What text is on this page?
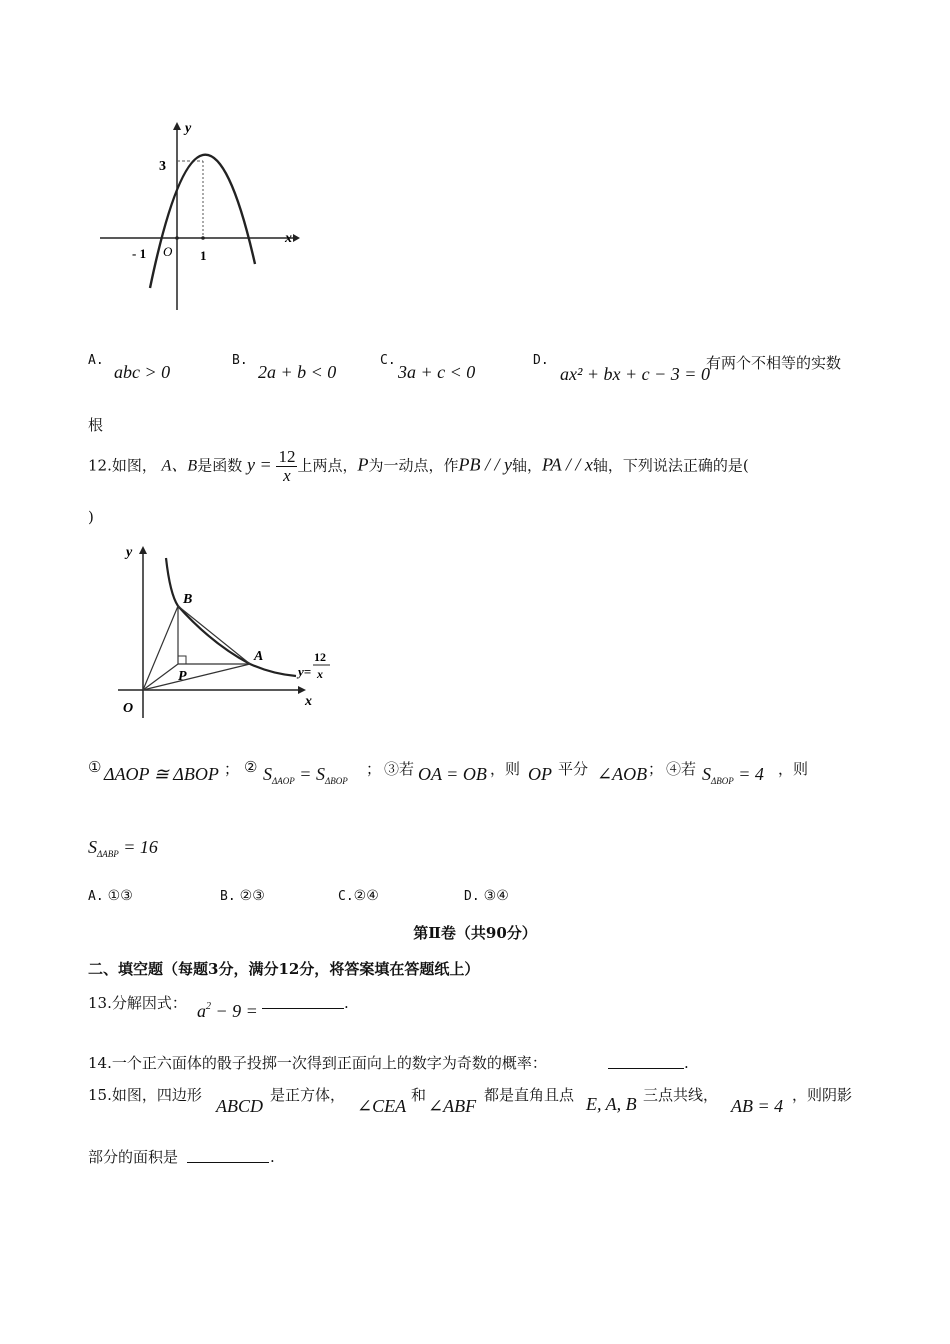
y
x
3
- 1 O 1
A.
abc > 0
B.
2a + b < 0
C.
3a + c < 0
D.
ax² + bx + c − 3 = 0
有两个不相等的实数
根
12.如图， A、B是函数 $y = \frac{12}{x}$ 上两点，P为一动点，作PB / / y轴，PA / / x轴，下列说法正确的是(
)
y
x
O
B
A
P	y=
12
x
① ΔAOP ≅ ΔBOP ； ② $S_{\Delta AOP} = S_{\Delta BOP}$
； ③若 OA = OB ，则 OP 平分 ∠AOB ； ④若 $S_{\Delta BOP} = 4$ ，则
$S_{\Delta ABP} = 16$
A. ①③	B. ②③	C.②④	D. ③④
第Ⅱ卷（共90分）
二、填空题（每题3分，满分12分，将答案填在答题纸上）
13.分解因式： $a^2 - 9$ =	.
14.一个正六面体的骰子投掷一次得到正面向上的数字为奇数的概率：	.
15.如图，四边形
ABCD
是正方体，
∠CEA
和
∠ABF
都是直角且点 E, A, B 三点共线，
AB = 4
，则阴影
部分的面积是	.
